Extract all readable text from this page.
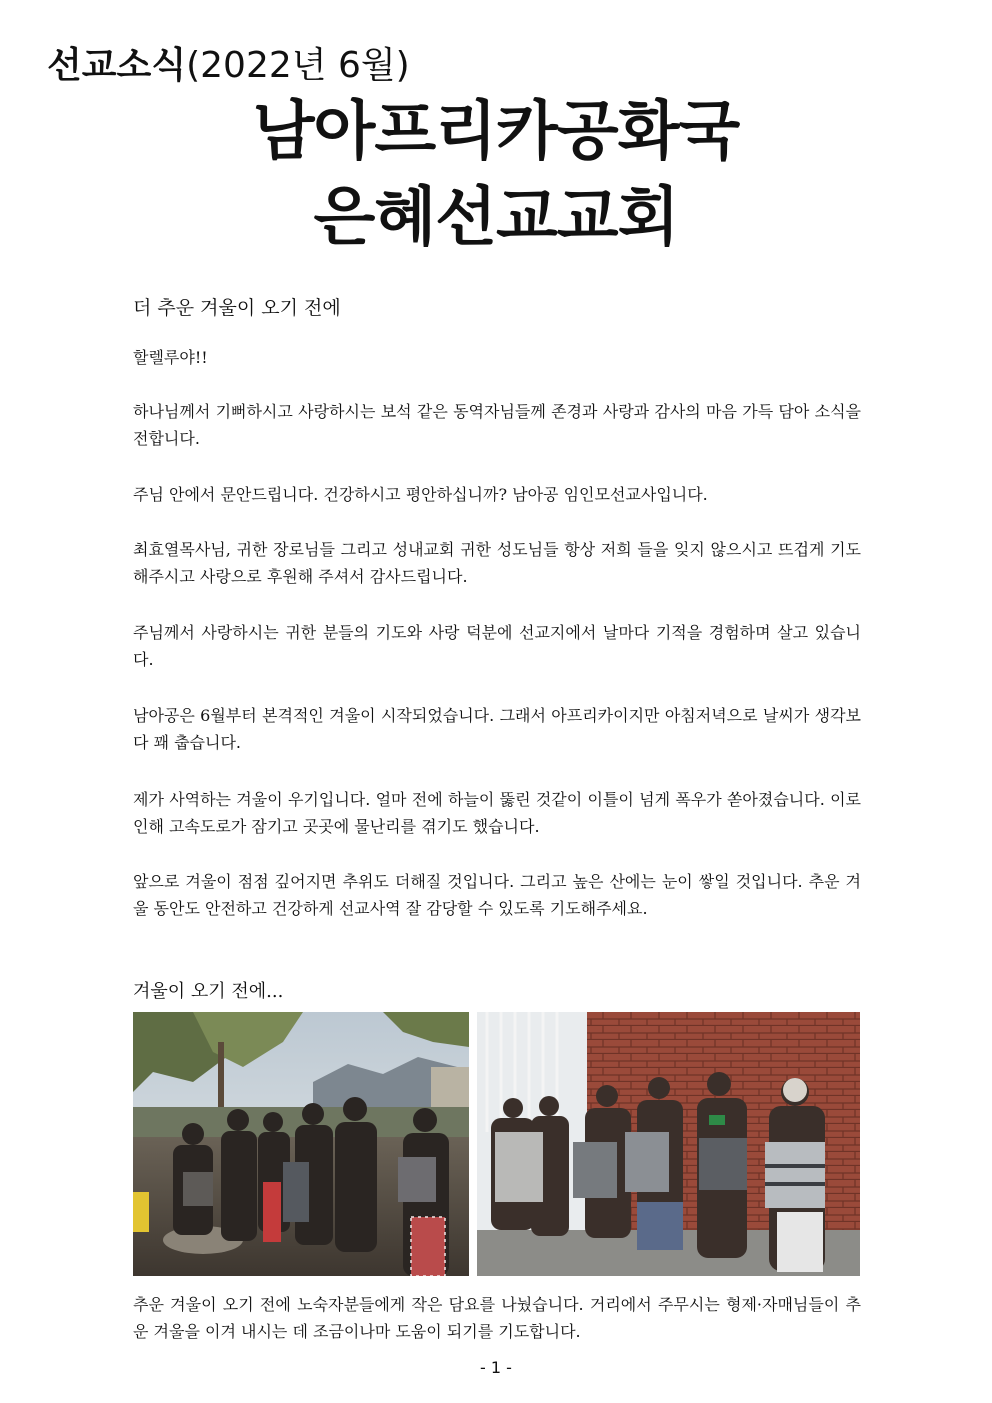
선교소식(2022년 6월)
남아프리카공화국
은혜선교교회
더 추운 겨울이 오기 전에
할렐루야!!
하나님께서 기뻐하시고 사랑하시는 보석 같은 동역자님들께 존경과 사랑과 감사의 마음 가득 담아 소식을 전합니다.
주님 안에서 문안드립니다. 건강하시고 평안하십니까? 남아공 임인모선교사입니다.
최효열목사님, 귀한 장로님들 그리고 성내교회 귀한 성도님들 항상 저희 들을 잊지 않으시고 뜨겁게 기도해주시고 사랑으로 후원해 주셔서 감사드립니다.
주님께서 사랑하시는 귀한 분들의 기도와 사랑 덕분에 선교지에서 날마다 기적을 경험하며 살고 있습니다.
남아공은 6월부터 본격적인 겨울이 시작되었습니다. 그래서 아프리카이지만 아침저녁으로 날씨가 생각보다 꽤 춥습니다.
제가 사역하는 겨울이 우기입니다. 얼마 전에 하늘이 뚫린 것같이 이틀이 넘게 폭우가 쏟아졌습니다. 이로 인해 고속도로가 잠기고 곳곳에 물난리를 겪기도 했습니다.
앞으로 겨울이 점점 깊어지면 추위도 더해질 것입니다. 그리고 높은 산에는 눈이 쌓일 것입니다. 추운 겨울 동안도 안전하고 건강하게 선교사역 잘 감당할 수 있도록 기도해주세요.
겨울이 오기 전에...
추운 겨울이 오기 전에 노숙자분들에게 작은 담요를 나눴습니다. 거리에서 주무시는 형제·자매님들이 추운 겨울을 이겨 내시는 데 조금이나마 도움이 되기를 기도합니다.
- 1 -
